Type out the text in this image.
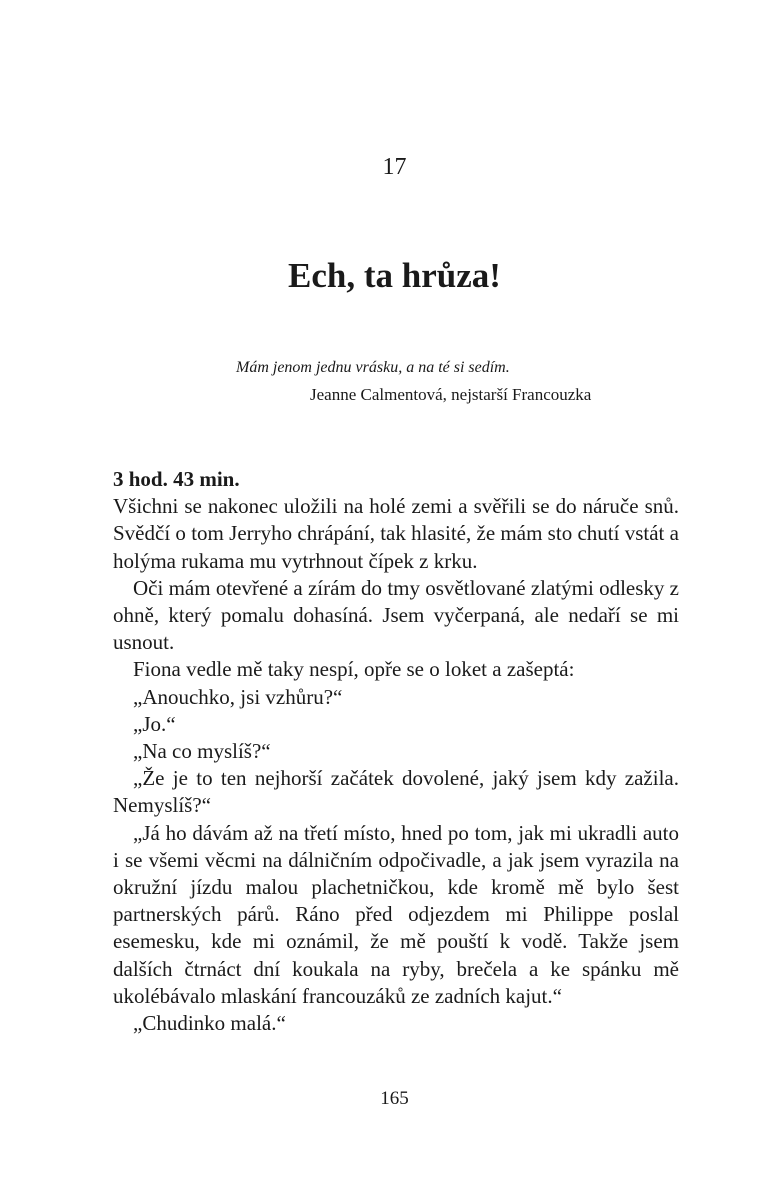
17
Ech, ta hrůza!
Mám jenom jednu vrásku, a na té si sedím.
Jeanne Calmentová, nejstarší Francouzka

3 hod. 43 min.

Všichni se nakonec uložili na holé zemi a svěřili se do náruče snů. Svědčí o tom Jerryho chrápání, tak hlasité, že mám sto chutí vstát a holýma rukama mu vytrhnout čípek z krku.

Oči mám otevřené a zírám do tmy osvětlované zlatými odlesky z ohně, který pomalu dohasíná. Jsem vyčerpaná, ale nedaří se mi usnout.

Fiona vedle mě taky nespí, opře se o loket a zašeptá:

„Anouchko, jsi vzhůru?“

„Jo.“

„Na co myslíš?“

„Že je to ten nejhorší začátek dovolené, jaký jsem kdy zažila. Nemyslíš?“

„Já ho dávám až na třetí místo, hned po tom, jak mi ukradli auto i se všemi věcmi na dálničním odpočivadle, a jak jsem vyrazila na okružní jízdu malou plachetničkou, kde kromě mě bylo šest partnerských párů. Ráno před odjezdem mi Philippe poslal esemesku, kde mi oznámil, že mě pouští k vodě. Takže jsem dalších čtrnáct dní koukala na ryby, brečela a ke spánku mě ukolébávalo mlaskání francouzáků ze zadních kajut.“

„Chudinko malá.“

165
